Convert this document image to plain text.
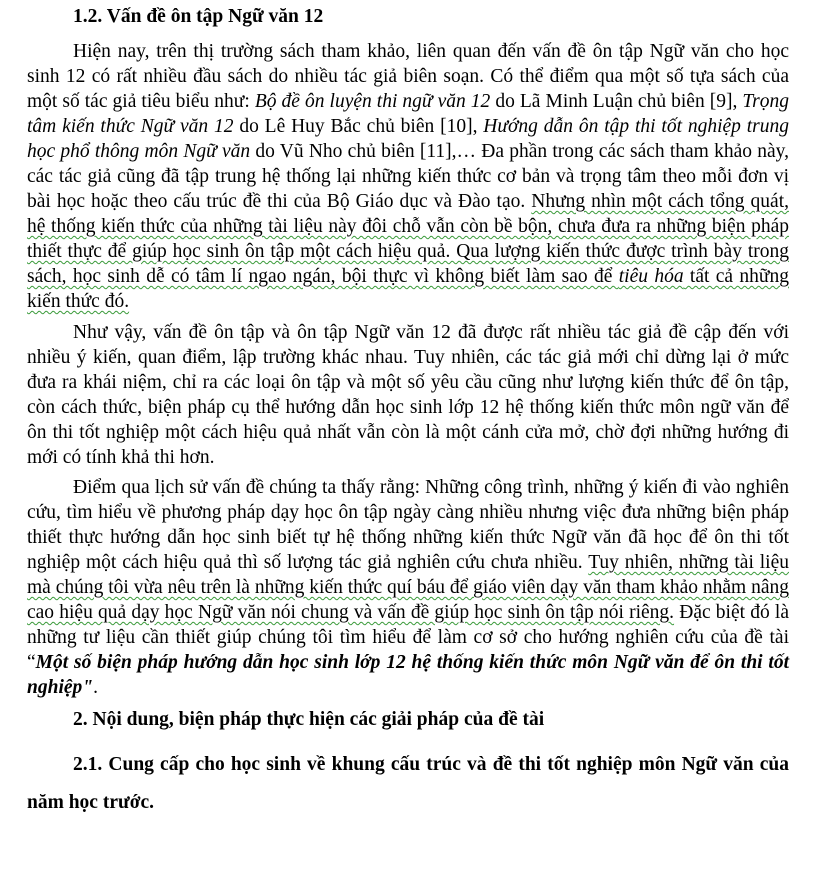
1.2. Vấn đề ôn tập Ngữ văn 12

Hiện nay, trên thị trường sách tham khảo, liên quan đến vấn đề ôn tập Ngữ văn cho học sinh 12 có rất nhiều đầu sách do nhiều tác giả biên soạn. Có thể điểm qua một số tựa sách của một số tác giả tiêu biểu như: Bộ đề ôn luyện thi ngữ văn 12 do Lã Minh Luận chủ biên [9], Trọng tâm kiến thức Ngữ văn 12 do Lê Huy Bắc chủ biên [10], Hướng dẫn ôn tập thi tốt nghiệp trung học phổ thông môn Ngữ văn do Vũ Nho chủ biên [11],… Đa phần trong các sách tham khảo này, các tác giả cũng đã tập trung hệ thống lại những kiến thức cơ bản và trọng tâm theo mỗi đơn vị bài học hoặc theo cấu trúc đề thi của Bộ Giáo dục và Đào tạo. Nhưng nhìn một cách tổng quát, hệ thống kiến thức của những tài liệu này đôi chỗ vẫn còn bề bộn, chưa đưa ra những biện pháp thiết thực để giúp học sinh ôn tập một cách hiệu quả. Qua lượng kiến thức được trình bày trong sách, học sinh dễ có tâm lí ngao ngán, bội thực vì không biết làm sao để tiêu hóa tất cả những kiến thức đó.

Như vậy, vấn đề ôn tập và ôn tập Ngữ văn 12 đã được rất nhiều tác giả đề cập đến với nhiều ý kiến, quan điểm, lập trường khác nhau. Tuy nhiên, các tác giả mới chỉ dừng lại ở mức đưa ra khái niệm, chỉ ra các loại ôn tập và một số yêu cầu cũng như lượng kiến thức để ôn tập, còn cách thức, biện pháp cụ thể hướng dẫn học sinh lớp 12 hệ thống kiến thức môn ngữ văn để ôn thi tốt nghiệp một cách hiệu quả nhất vẫn còn là một cánh cửa mở, chờ đợi những hướng đi mới có tính khả thi hơn.

Điểm qua lịch sử vấn đề chúng ta thấy rằng: Những công trình, những ý kiến đi vào nghiên cứu, tìm hiểu về phương pháp dạy học ôn tập ngày càng nhiều nhưng việc đưa những biện pháp thiết thực hướng dẫn học sinh biết tự hệ thống những kiến thức Ngữ văn đã học để ôn thi tốt nghiệp một cách hiệu quả thì số lượng tác giả nghiên cứu chưa nhiều. Tuy nhiên, những tài liệu mà chúng tôi vừa nêu trên là những kiến thức quí báu để giáo viên dạy văn tham khảo nhằm nâng cao hiệu quả dạy học Ngữ văn nói chung và vấn đề giúp học sinh ôn tập nói riêng. Đặc biệt đó là những tư liệu cần thiết giúp chúng tôi tìm hiểu để làm cơ sở cho hướng nghiên cứu của đề tài “Một số biện pháp hướng dẫn học sinh lớp 12 hệ thống kiến thức môn Ngữ văn để ôn thi tốt nghiệp".

2. Nội dung, biện pháp thực hiện các giải pháp của đề tài

2.1. Cung cấp cho học sinh về khung cấu trúc và đề thi tốt nghiệp môn Ngữ văn của năm học trước.
